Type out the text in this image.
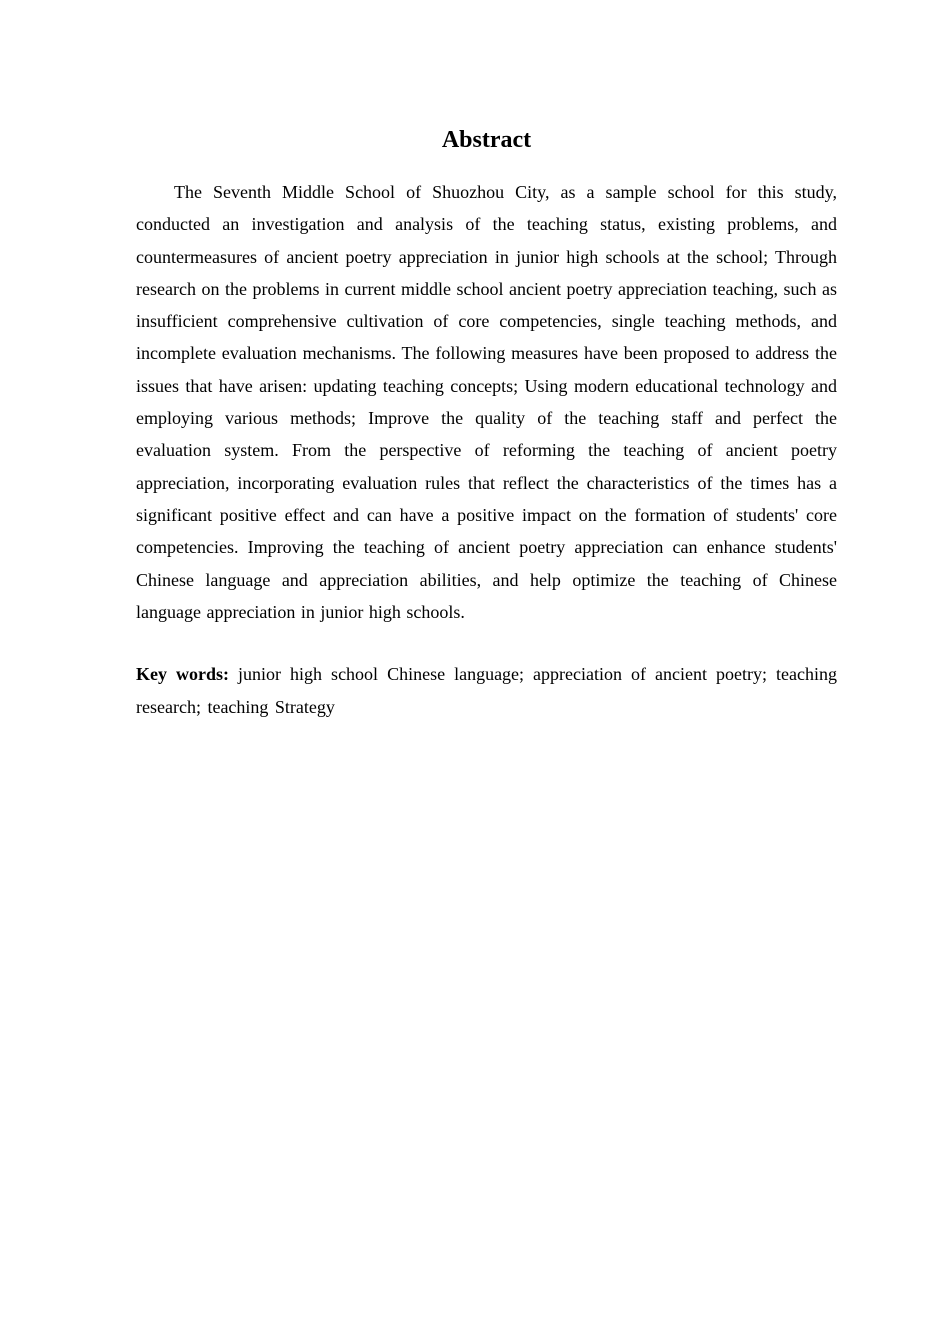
Abstract

The Seventh Middle School of Shuozhou City, as a sample school for this study, conducted an investigation and analysis of the teaching status, existing problems, and countermeasures of ancient poetry appreciation in junior high schools at the school; Through research on the problems in current middle school ancient poetry appreciation teaching, such as insufficient comprehensive cultivation of core competencies, single teaching methods, and incomplete evaluation mechanisms. The following measures have been proposed to address the issues that have arisen: updating teaching concepts; Using modern educational technology and employing various methods; Improve the quality of the teaching staff and perfect the evaluation system. From the perspective of reforming the teaching of ancient poetry appreciation, incorporating evaluation rules that reflect the characteristics of the times has a significant positive effect and can have a positive impact on the formation of students' core competencies. Improving the teaching of ancient poetry appreciation can enhance students' Chinese language and appreciation abilities, and help optimize the teaching of Chinese language appreciation in junior high schools.

Key words: junior high school Chinese language; appreciation of ancient poetry; teaching research; teaching Strategy
